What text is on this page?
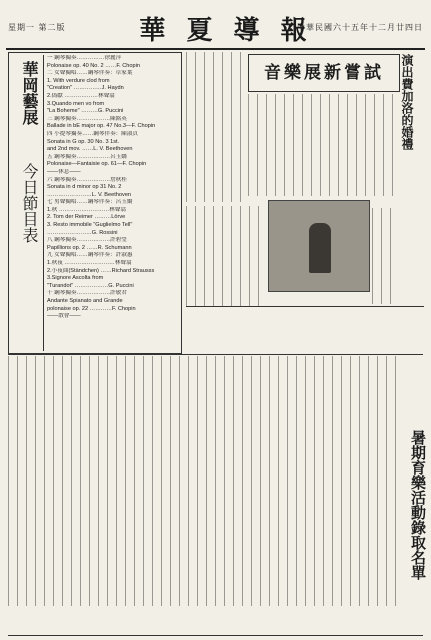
星期一 第二版	華 夏 導 報
中華民國六十五年十二月廿四日
華岡藝展
今日節目表
一 鋼琴獨奏……………徐麗萍
Polonaise op. 40 No. 2 ……F. Chopin
二 女聲獨唱……鋼琴伴奏：卓家葉
1. With verdure clod from
"Creation" ……………J. Haydn
2.偽獻 ………………林聲翕
3.Quando men vo from
"La Boheme" ………G. Puccini
三 鋼琴獨奏………………陳銘英
Ballade in bE major op. 47 No.3—F. Chopin
四 小提琴獨奏……鋼琴伴奏：陳淑貞
Sonata in G op. 30 No. 3 1st.
and 2nd mov. ……L. V. Beethoven
五 鋼琴獨奏………………呂玉嬌
Polonaise—Fantaisie op. 61—F. Chopin
——休息——
六 鋼琴獨奏………………詹秋桂
Sonata in d minor op 31 No. 2
……………………L. V. Beethoven
七 男聲獨唱……鋼琴伴奏：呂玉嬌
1.秋 ………………………林聲翕
2. Tom der Reimer ………Lörve
3. Resto immobile "Guglielmo Tell"
……………………G. Rossini
八 鋼琴獨奏………………許碧瑩
Papillions op. 2 ……R. Schumann
九 女聲獨唱……鋼琴伴奏：許淑惠
1.秋夜 ………………………林聲翕
2.小夜曲(Ständchen) ……Richard Strausss
3.Signore Ascolta from
"Turandot" ………………G. Puccini
十 鋼琴獨奏………………許敏君
Andante Spianato and Grande
polonaise op. 22 …………F. Chopin
——散會——
音樂展新嘗試	演出費加洛的婚禮
暑期育樂活動錄取名單
